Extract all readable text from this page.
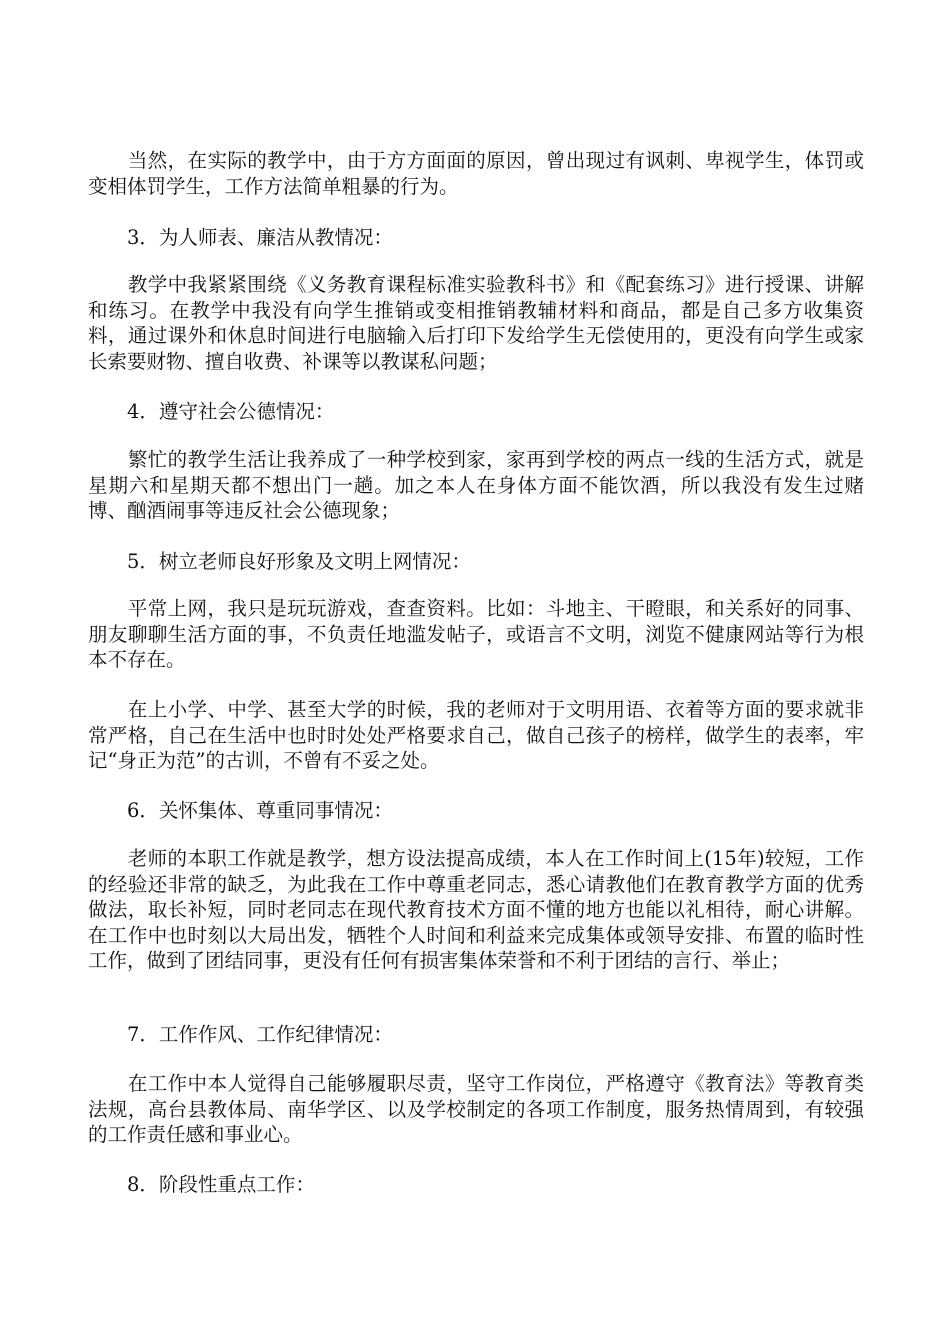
　　当然，在实际的教学中，由于方方面面的原因，曾出现过有讽刺、卑视学生，体罚或变相体罚学生，工作方法简单粗暴的行为。

　　3．为人师表、廉洁从教情况：

　　教学中我紧紧围绕《义务教育课程标准实验教科书》和《配套练习》进行授课、讲解和练习。在教学中我没有向学生推销或变相推销教辅材料和商品，都是自己多方收集资料，通过课外和休息时间进行电脑输入后打印下发给学生无偿使用的，更没有向学生或家长索要财物、擅自收费、补课等以教谋私问题；

　　4．遵守社会公德情况：

　　繁忙的教学生活让我养成了一种学校到家，家再到学校的两点一线的生活方式，就是星期六和星期天都不想出门一趟。加之本人在身体方面不能饮酒，所以我没有发生过赌博、酗酒闹事等违反社会公德现象；

　　5．树立老师良好形象及文明上网情况：

　　平常上网，我只是玩玩游戏，查查资料。比如：斗地主、干瞪眼，和关系好的同事、朋友聊聊生活方面的事，不负责任地滥发帖子，或语言不文明，浏览不健康网站等行为根本不存在。

　　在上小学、中学、甚至大学的时候，我的老师对于文明用语、衣着等方面的要求就非常严格，自己在生活中也时时处处严格要求自己，做自己孩子的榜样，做学生的表率，牢记“身正为范”的古训，不曾有不妥之处。

　　6．关怀集体、尊重同事情况：

　　老师的本职工作就是教学，想方设法提高成绩，本人在工作时间上(15年)较短，工作的经验还非常的缺乏，为此我在工作中尊重老同志，悉心请教他们在教育教学方面的优秀做法，取长补短，同时老同志在现代教育技术方面不懂的地方也能以礼相待，耐心讲解。在工作中也时刻以大局出发，牺牲个人时间和利益来完成集体或领导安排、布置的临时性工作，做到了团结同事，更没有任何有损害集体荣誉和不利于团结的言行、举止；

　　7．工作作风、工作纪律情况：

　　在工作中本人觉得自己能够履职尽责，坚守工作岗位，严格遵守《教育法》等教育类法规，高台县教体局、南华学区、以及学校制定的各项工作制度，服务热情周到，有较强的工作责任感和事业心。

　　8．阶段性重点工作：
